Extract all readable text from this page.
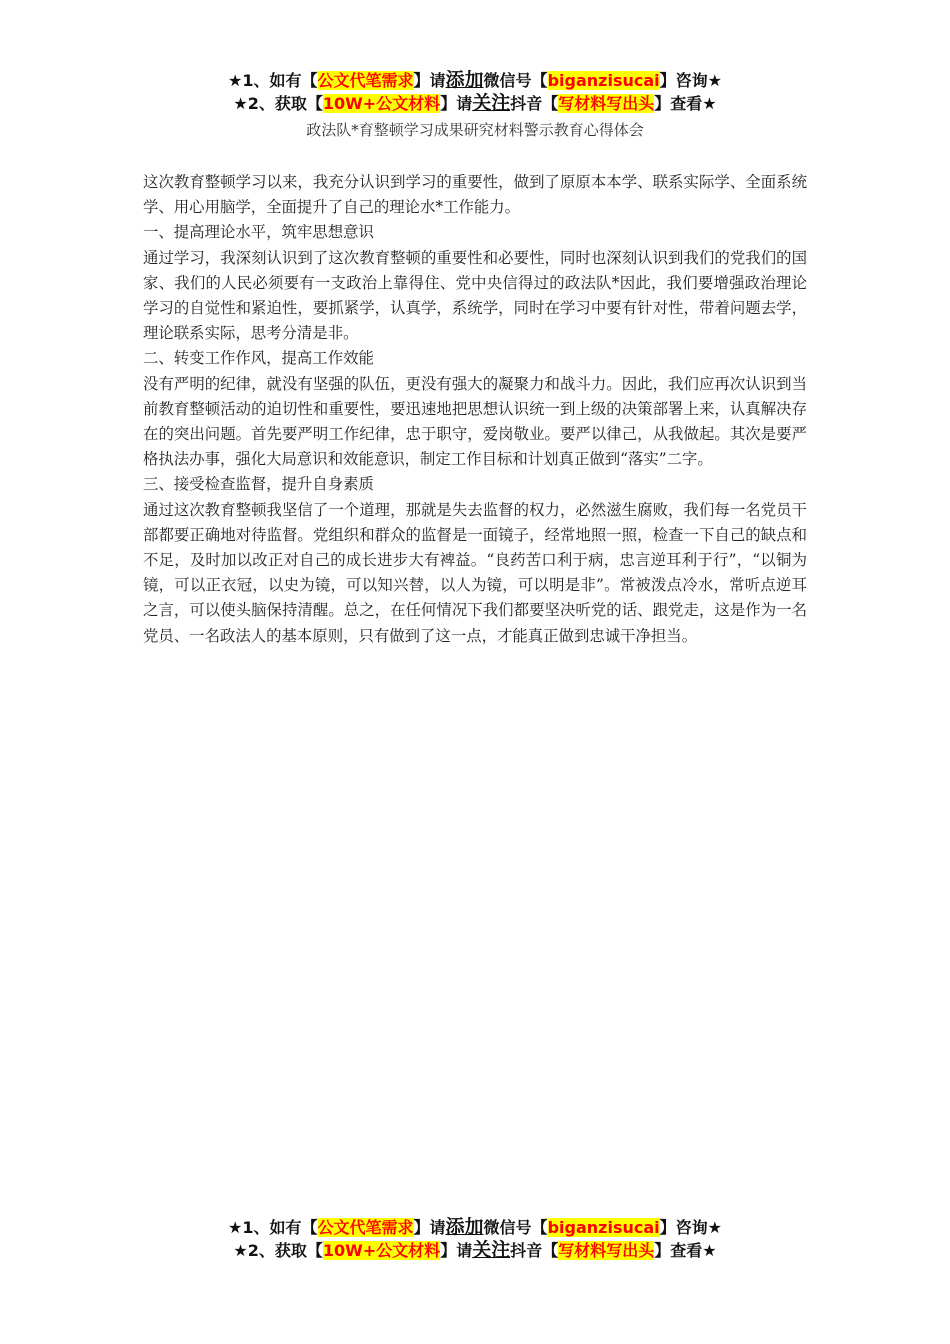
★1、如有【公文代笔需求】请添加微信号【biganzisucai】咨询★
★2、获取【10W+公文材料】请关注抖音【写材料写出头】查看★
政法队*育整顿学习成果研究材料警示教育心得体会

这次教育整顿学习以来，我充分认识到学习的重要性，做到了原原本本学、联系实际学、全面系统学、用心用脑学，全面提升了自己的理论水*工作能力。

一、提高理论水平，筑牢思想意识

通过学习，我深刻认识到了这次教育整顿的重要性和必要性，同时也深刻认识到我们的党我们的国家、我们的人民必须要有一支政治上靠得住、党中央信得过的政法队*因此，我们要增强政治理论学习的自觉性和紧迫性，要抓紧学，认真学，系统学，同时在学习中要有针对性，带着问题去学，理论联系实际，思考分清是非。

二、转变工作作风，提高工作效能

没有严明的纪律，就没有坚强的队伍，更没有强大的凝聚力和战斗力。因此，我们应再次认识到当前教育整顿活动的迫切性和重要性，要迅速地把思想认识统一到上级的决策部署上来，认真解决存在的突出问题。首先要严明工作纪律，忠于职守，爱岗敬业。要严以律己，从我做起。其次是要严格执法办事，强化大局意识和效能意识，制定工作目标和计划真正做到“落实”二字。

三、接受检查监督，提升自身素质

通过这次教育整顿我坚信了一个道理，那就是失去监督的权力，必然滋生腐败，我们每一名党员干部都要正确地对待监督。党组织和群众的监督是一面镜子，经常地照一照，检查一下自己的缺点和不足，及时加以改正对自己的成长进步大有裨益。“良药苦口利于病，忠言逆耳利于行”，“以铜为镜，可以正衣冠，以史为镜，可以知兴替，以人为镜，可以明是非”。常被泼点冷水，常听点逆耳之言，可以使头脑保持清醒。总之，在任何情况下我们都要坚决听党的话、跟党走，这是作为一名党员、一名政法人的基本原则，只有做到了这一点，才能真正做到忠诚干净担当。

★1、如有【公文代笔需求】请添加微信号【biganzisucai】咨询★
★2、获取【10W+公文材料】请关注抖音【写材料写出头】查看★
